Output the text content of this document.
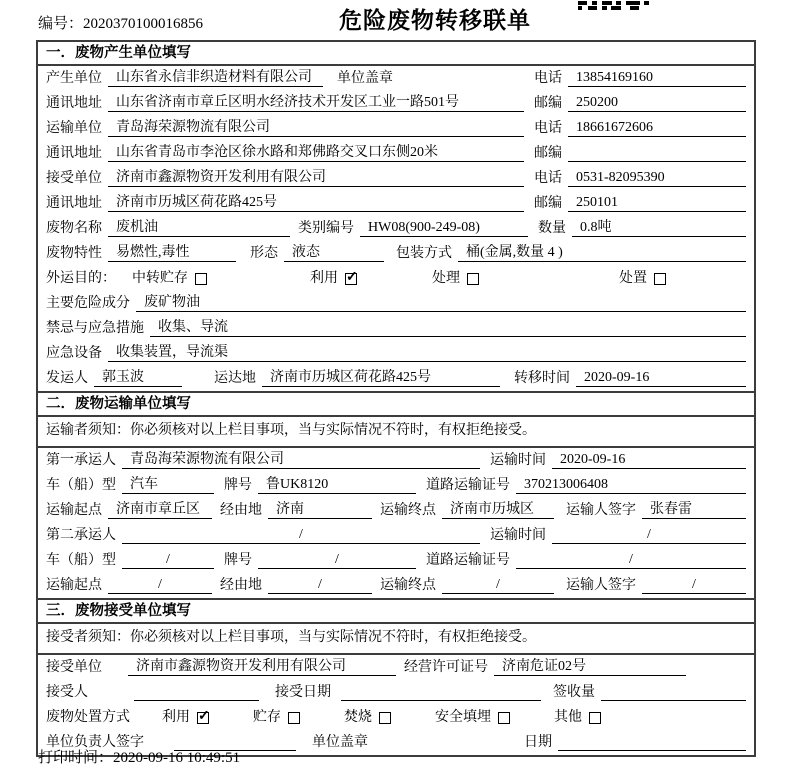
编号：2020370100016856	危险废物转移联单
一．废物产生单位填写
产生单位	山东省永信非织造材料有限公司	单位盖章	电话	13854169160
通讯地址	山东省济南市章丘区明水经济技术开发区工业一路501号	邮编	250200
运输单位	青岛海荣源物流有限公司	电话	18661672606
通讯地址	山东省青岛市李沧区徐水路和郑佛路交叉口东侧20米	邮编
接受单位	济南市鑫源物资开发利用有限公司	电话	0531-82095390
通讯地址	济南市历城区荷花路425号	邮编	250101
废物名称	废机油	类别编号	HW08(900-249-08)	数量	0.8吨
废物特性	易燃性,毒性	形态	液态	包装方式	桶(金属,数量 4 )
外运目的：	中转贮存	利用 ✓	处理	处置
主要危险成分	废矿物油
禁忌与应急措施	收集、导流
应急设备	收集装置，导流渠
发运人	郭玉波	运达地	济南市历城区荷花路425号	转移时间	2020-09-16
二．废物运输单位填写
运输者须知：你必须核对以上栏目事项，当与实际情况不符时，有权拒绝接受。
第一承运人	青岛海荣源物流有限公司	运输时间	2020-09-16
车（船）型	汽车	牌号	鲁UK8120	道路运输证号	370213006408
运输起点	济南市章丘区	经由地	济南	运输终点	济南市历城区	运输人签字	张春雷
第二承运人	/	运输时间	/
车（船）型	/	牌号	/	道路运输证号	/
运输起点	/	经由地	/	运输终点	/	运输人签字	/
三．废物接受单位填写
接受者须知：你必须核对以上栏目事项，当与实际情况不符时，有权拒绝接受。
接受单位	济南市鑫源物资开发利用有限公司	经营许可证号	济南危证02号
接受人	接受日期	签收量
废物处置方式	利用 ✓	贮存	焚烧	安全填埋	其他
单位负责人签字	单位盖章	日期
打印时间：2020-09-16 10:49:51
